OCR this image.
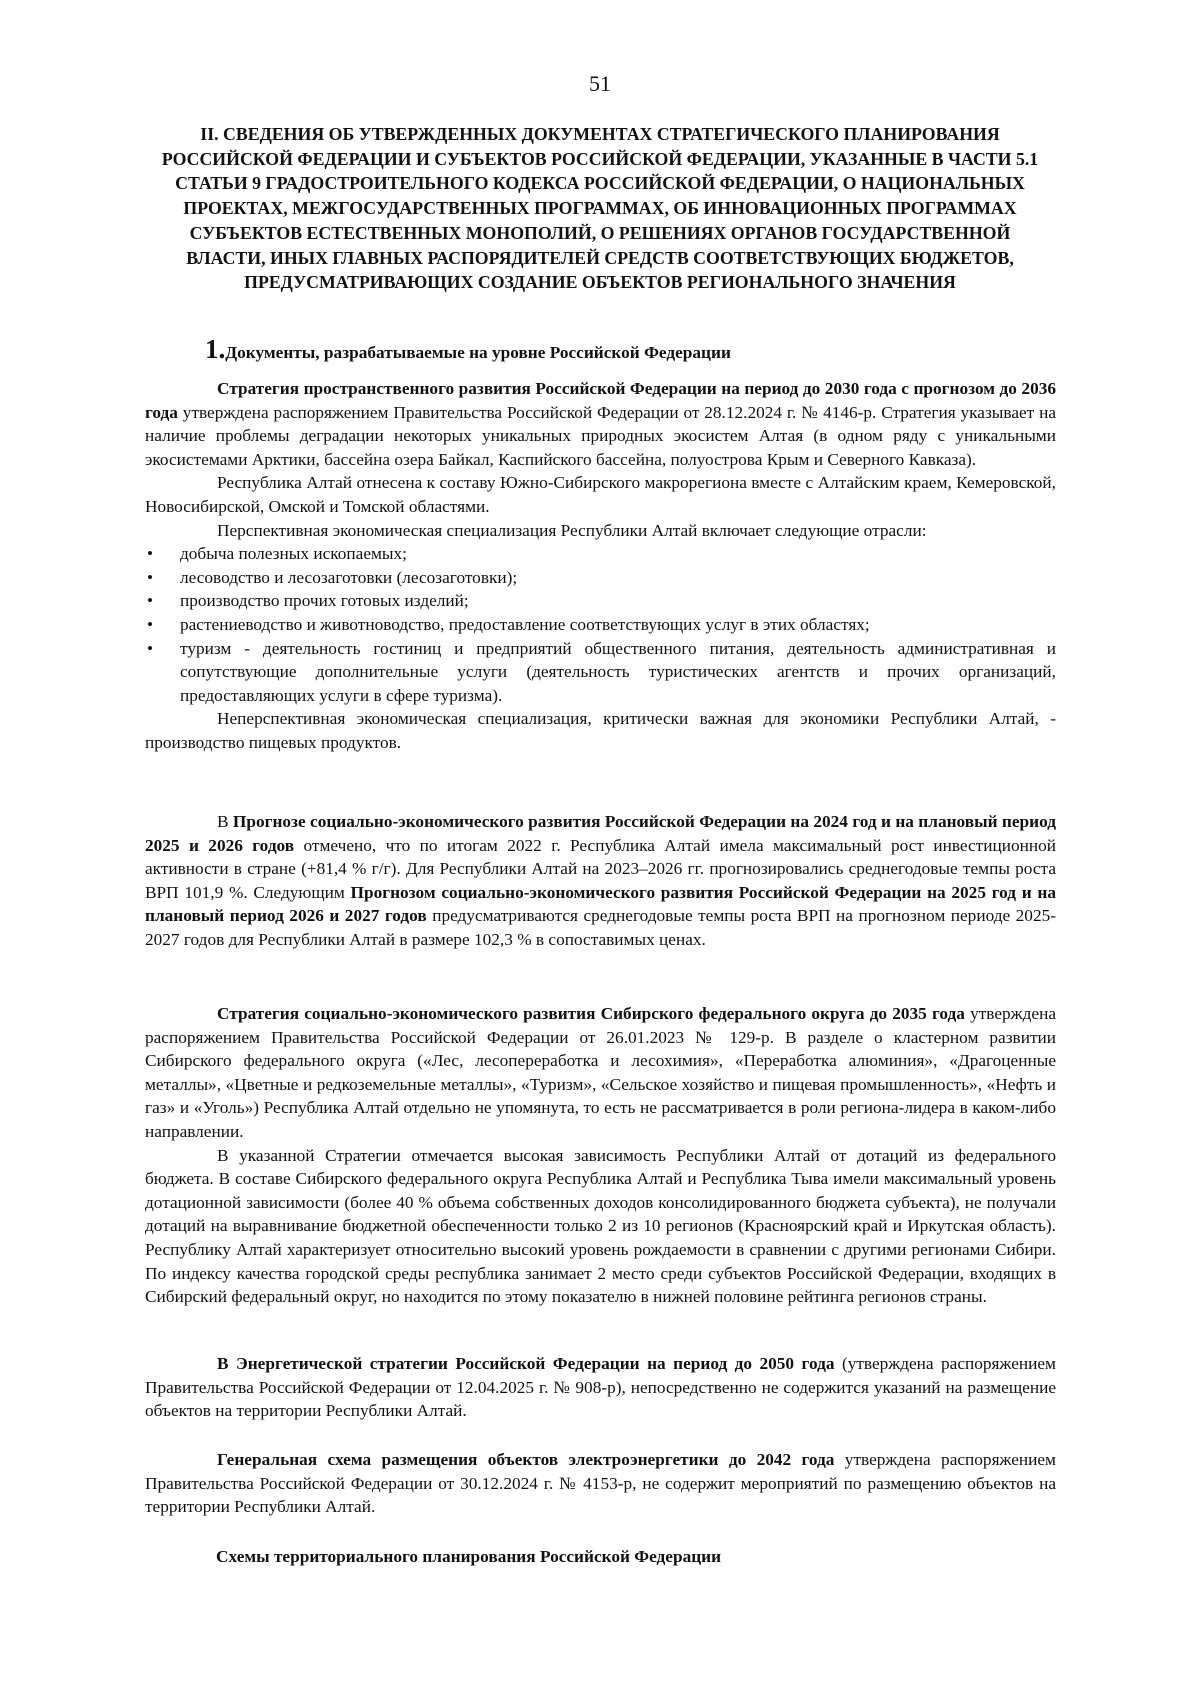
51
II. СВЕДЕНИЯ ОБ УТВЕРЖДЕННЫХ ДОКУМЕНТАХ СТРАТЕГИЧЕСКОГО ПЛАНИРОВАНИЯ РОССИЙСКОЙ ФЕДЕРАЦИИ И СУБЪЕКТОВ РОССИЙСКОЙ ФЕДЕРАЦИИ, УКАЗАННЫЕ В ЧАСТИ 5.1 СТАТЬИ 9 ГРАДОСТРОИТЕЛЬНОГО КОДЕКСА РОССИЙСКОЙ ФЕДЕРАЦИИ, О НАЦИОНАЛЬНЫХ ПРОЕКТАХ, МЕЖГОСУДАРСТВЕННЫХ ПРОГРАММАХ, ОБ ИННОВАЦИОННЫХ ПРОГРАММАХ СУБЪЕКТОВ ЕСТЕСТВЕННЫХ МОНОПОЛИЙ, О РЕШЕНИЯХ ОРГАНОВ ГОСУДАРСТВЕННОЙ ВЛАСТИ, ИНЫХ ГЛАВНЫХ РАСПОРЯДИТЕЛЕЙ СРЕДСТВ СООТВЕТСТВУЮЩИХ БЮДЖЕТОВ, ПРЕДУСМАТРИВАЮЩИХ СОЗДАНИЕ ОБЪЕКТОВ РЕГИОНАЛЬНОГО ЗНАЧЕНИЯ
1.Документы, разрабатываемые на уровне Российской Федерации

Стратегия пространственного развития Российской Федерации на период до 2030 года с прогнозом до 2036 года утверждена распоряжением Правительства Российской Федерации от 28.12.2024 г. № 4146-р. Стратегия указывает на наличие проблемы деградации некоторых уникальных природных экосистем Алтая (в одном ряду с уникальными экосистемами Арктики, бассейна озера Байкал, Каспийского бассейна, полуострова Крым и Северного Кавказа).

Республика Алтай отнесена к составу Южно-Сибирского макрорегиона вместе с Алтайским краем, Кемеровской, Новосибирской, Омской и Томской областями.

Перспективная экономическая специализация Республики Алтай включает следующие отрасли:

• добыча полезных ископаемых;
• лесоводство и лесозаготовки (лесозаготовки);
• производство прочих готовых изделий;
• растениеводство и животноводство, предоставление соответствующих услуг в этих областях;
• туризм - деятельность гостиниц и предприятий общественного питания, деятельность административная и сопутствующие дополнительные услуги (деятельность туристических агентств и прочих организаций, предоставляющих услуги в сфере туризма).

Неперспективная экономическая специализация, критически важная для экономики Республики Алтай, - производство пищевых продуктов.

В Прогнозе социально-экономического развития Российской Федерации на 2024 год и на плановый период 2025 и 2026 годов отмечено, что по итогам 2022 г. Республика Алтай имела максимальный рост инвестиционной активности в стране (+81,4 % г/г). Для Республики Алтай на 2023–2026 гг. прогнозировались среднегодовые темпы роста ВРП 101,9 %. Следующим Прогнозом социально-экономического развития Российской Федерации на 2025 год и на плановый период 2026 и 2027 годов предусматриваются среднегодовые темпы роста ВРП на прогнозном периоде 2025-2027 годов для Республики Алтай в размере 102,3 % в сопоставимых ценах.

Стратегия социально-экономического развития Сибирского федерального округа до 2035 года утверждена распоряжением Правительства Российской Федерации от 26.01.2023 № 129-р. В разделе о кластерном развитии Сибирского федерального округа («Лес, лесопереработка и лесохимия», «Переработка алюминия», «Драгоценные металлы», «Цветные и редкоземельные металлы», «Туризм», «Сельское хозяйство и пищевая промышленность», «Нефть и газ» и «Уголь») Республика Алтай отдельно не упомянута, то есть не рассматривается в роли региона-лидера в каком-либо направлении.

В указанной Стратегии отмечается высокая зависимость Республики Алтай от дотаций из федерального бюджета. В составе Сибирского федерального округа Республика Алтай и Республика Тыва имели максимальный уровень дотационной зависимости (более 40 % объема собственных доходов консолидированного бюджета субъекта), не получали дотаций на выравнивание бюджетной обеспеченности только 2 из 10 регионов (Красноярский край и Иркутская область). Республику Алтай характеризует относительно высокий уровень рождаемости в сравнении с другими регионами Сибири. По индексу качества городской среды республика занимает 2 место среди субъектов Российской Федерации, входящих в Сибирский федеральный округ, но находится по этому показателю в нижней половине рейтинга регионов страны.

В Энергетической стратегии Российской Федерации на период до 2050 года (утверждена распоряжением Правительства Российской Федерации от 12.04.2025 г. № 908-р), непосредственно не содержится указаний на размещение объектов на территории Республики Алтай.

Генеральная схема размещения объектов электроэнергетики до 2042 года утверждена распоряжением Правительства Российской Федерации от 30.12.2024 г. № 4153-р, не содержит мероприятий по размещению объектов на территории Республики Алтай.

Схемы территориального планирования Российской Федерации
